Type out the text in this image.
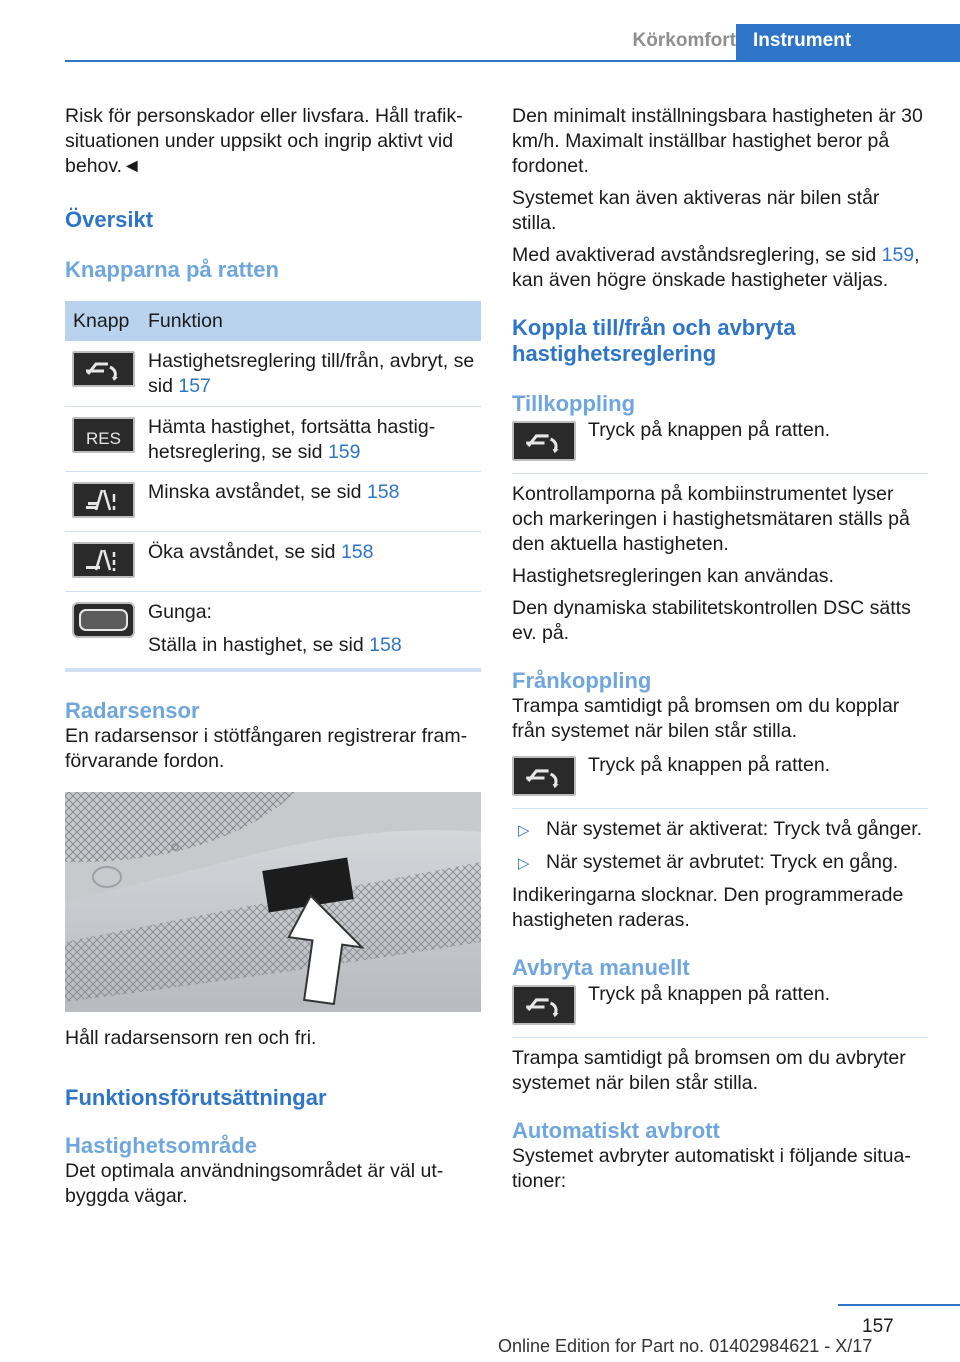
Körkomfort Instrument

Risk för personskador eller livsfara. Håll trafiksituationen under uppsikt och ingrip aktivt vid behov.◄

Översikt
Knapparna på ratten
Knapp	Funktion

	Hastighetsreglering till/från, avbryt, se sid 157

RES	Hämta hastighet, fortsätta hastighetsreglering, se sid 159

	Minska avståndet, se sid 158

	Öka avståndet, se sid 158

Gunga:
Ställa in hastighet, se sid 158
Radarsensor

En radarsensor i stötfångaren registrerar framförvarande fordon.

Håll radarsensorn ren och fri.

Funktionsförutsättningar
Hastighetsområde

Det optimala användningsområdet är väl utbyggda vägar.

Den minimalt inställningsbara hastigheten är 30 km/h. Maximalt inställbar hastighet beror på fordonet.

Systemet kan även aktiveras när bilen står stilla.

Med avaktiverad avståndsreglering, se sid 159, kan även högre önskade hastigheter väljas.

Koppla till/från och avbryta hastighetsreglering
Tillkoppling
Tryck på knappen på ratten.

Kontrollamporna på kombiinstrumentet lyser och markeringen i hastighetsmätaren ställs på den aktuella hastigheten.

Hastighetsregleringen kan användas.

Den dynamiska stabilitetskontrollen DSC sätts ev. på.

Frånkoppling

Trampa samtidigt på bromsen om du kopplar från systemet när bilen står stilla.

Tryck på knappen på ratten.
▷ När systemet är aktiverat: Tryck två gånger.
▷ När systemet är avbrutet: Tryck en gång.

Indikeringarna slocknar. Den programmerade hastigheten raderas.

Avbryta manuellt
Tryck på knappen på ratten.

Trampa samtidigt på bromsen om du avbryter systemet när bilen står stilla.

Automatiskt avbrott

Systemet avbryter automatiskt i följande situationer:

157
Online Edition for Part no. 01402984621 - X/17
